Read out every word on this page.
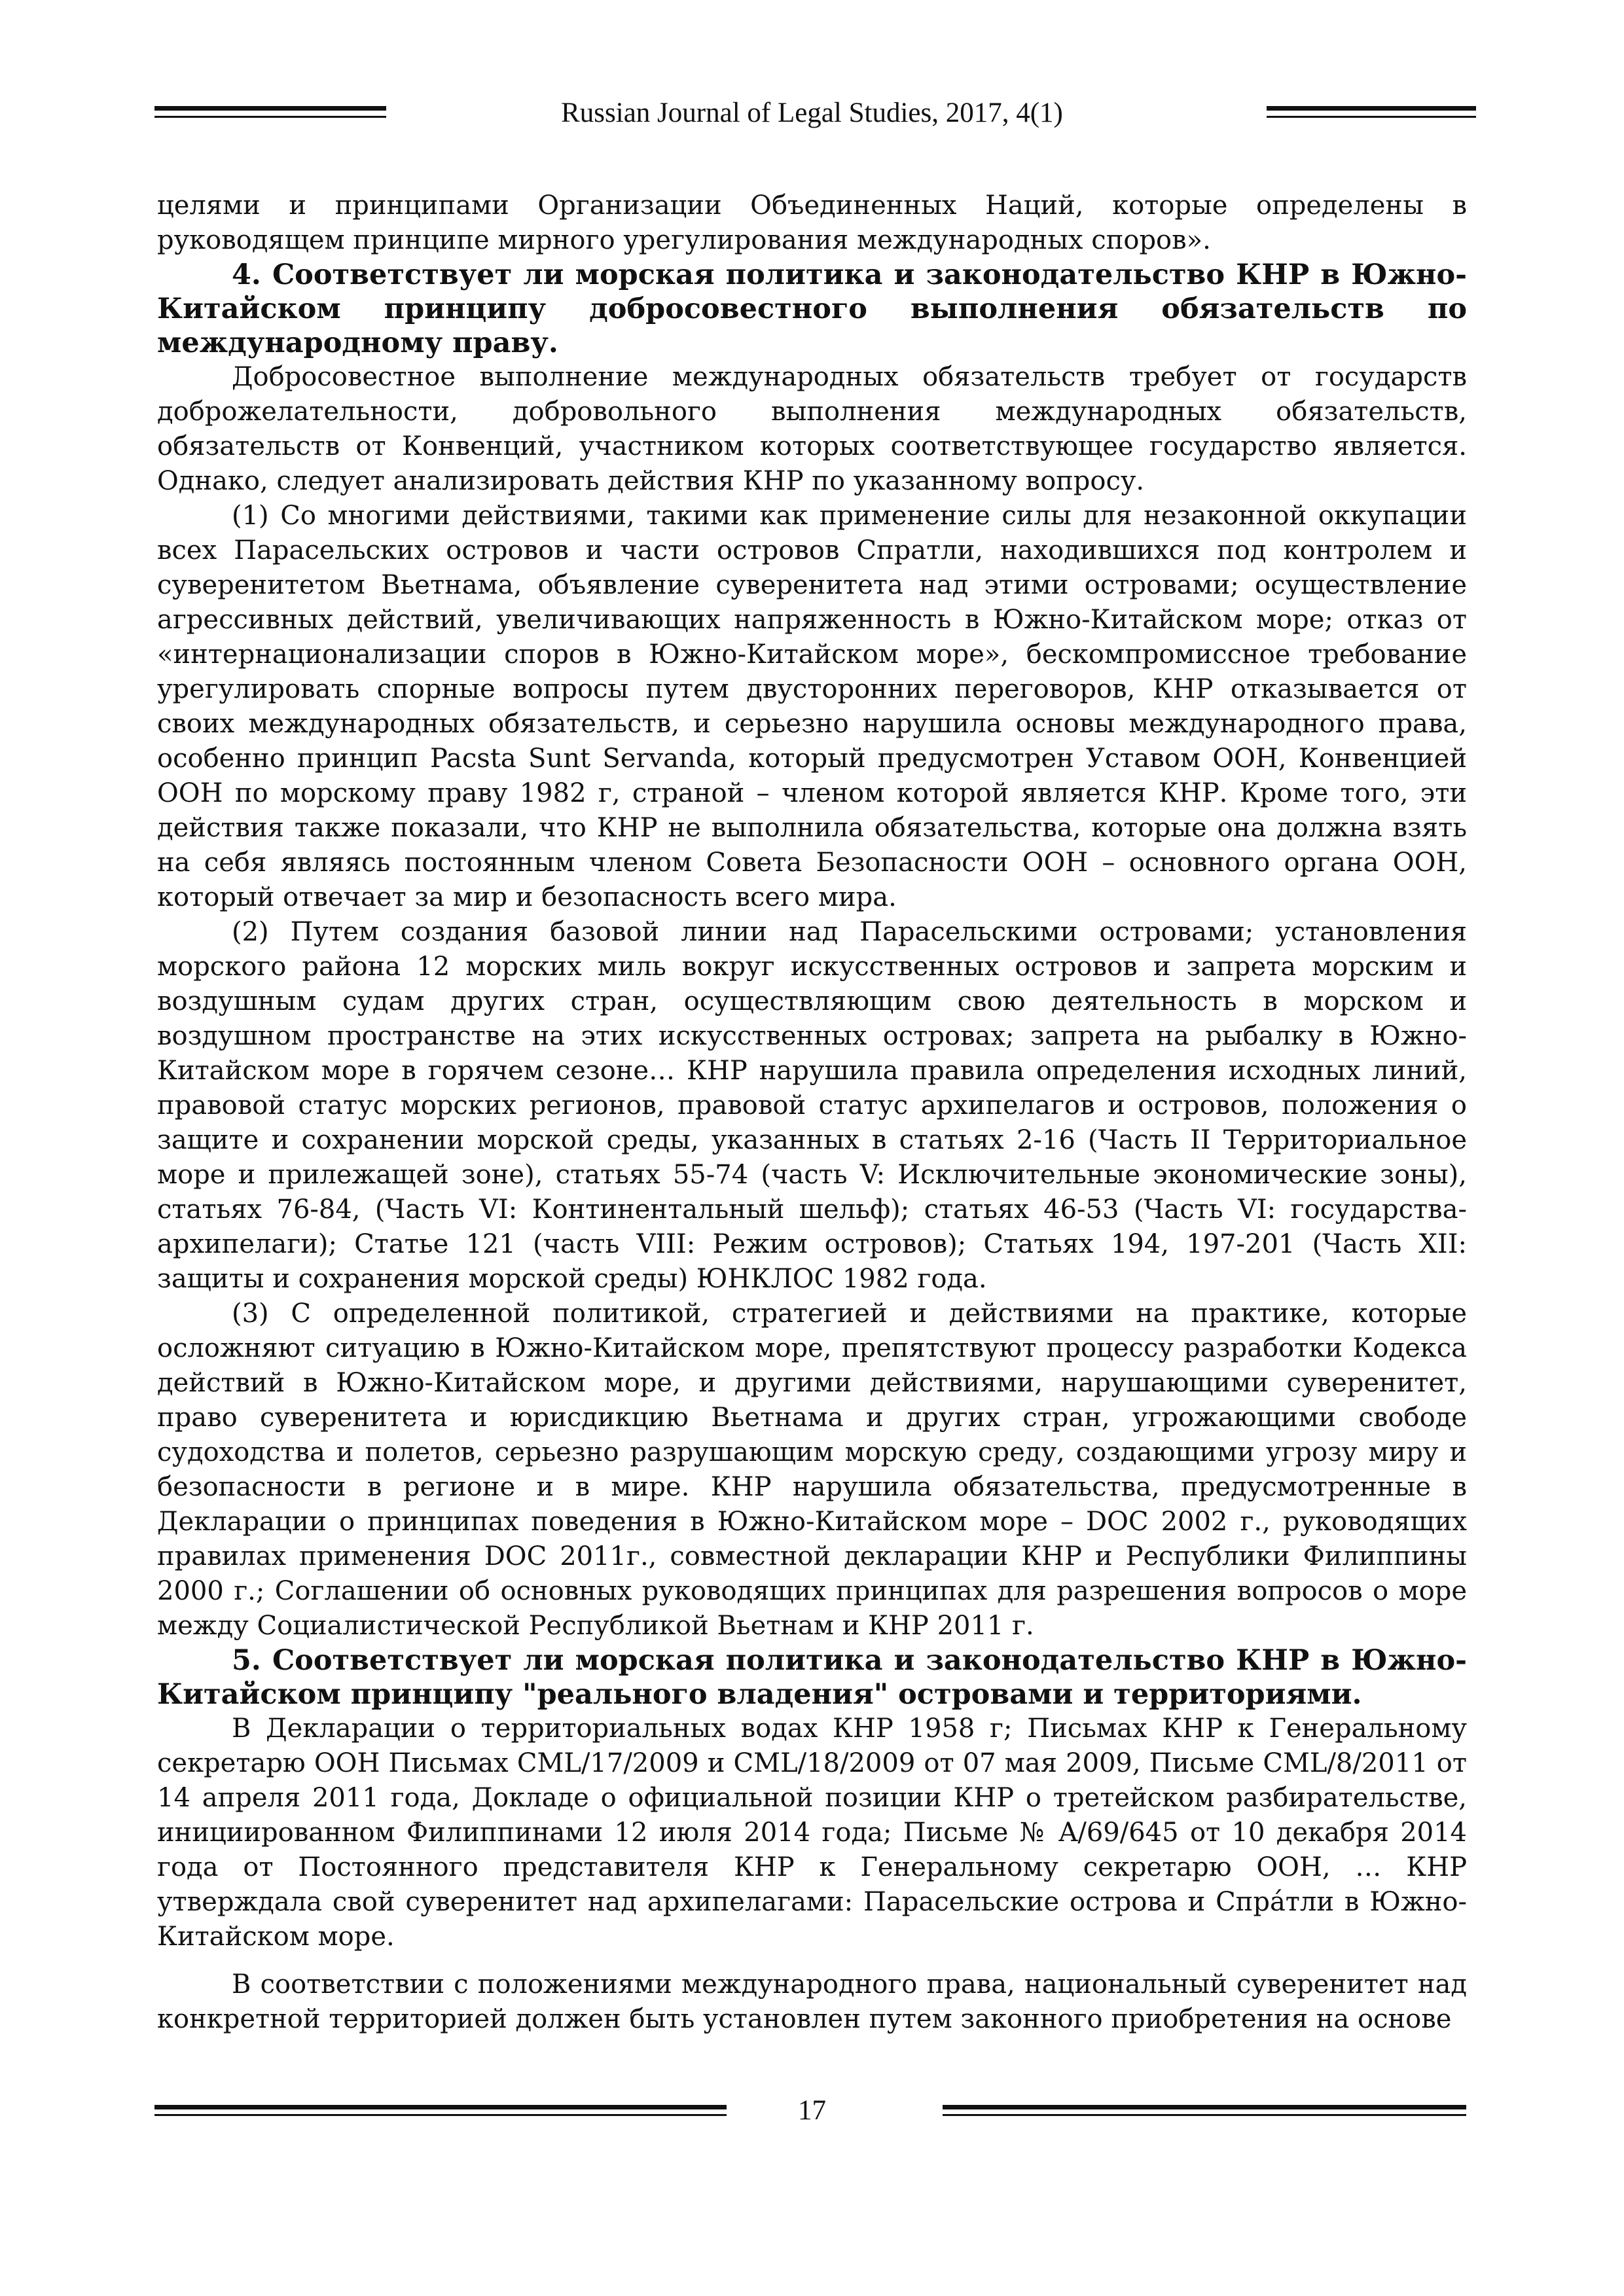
Russian Journal of Legal Studies, 2017, 4(1)

целями и принципами Организации Объединенных Наций, которые определены в руководящем принципе мирного урегулирования международных споров».

4. Соответствует ли морская политика и законодательство КНР в Южно-Китайском принципу добросовестного выполнения обязательств по международному праву.

Добросовестное выполнение международных обязательств требует от государств доброжелательности, добровольного выполнения международных обязательств, обязательств от Конвенций, участником которых соответствующее государство является. Однако, следует анализировать действия КНР по указанному вопросу.

(1) Со многими действиями, такими как применение силы для незаконной оккупации всех Парасельских островов и части островов Спратли, находившихся под контролем и суверенитетом Вьетнама, объявление суверенитета над этими островами; осуществление агрессивных действий, увеличивающих напряженность в Южно-Китайском море; отказ от «интернационализации споров в Южно-Китайском море», бескомпромиссное требование урегулировать спорные вопросы путем двусторонних переговоров, КНР отказывается от своих международных обязательств, и серьезно нарушила основы международного права, особенно принцип Pacsta Sunt Servanda, который предусмотрен Уставом ООН, Конвенцией ООН по морскому праву 1982 г, страной – членом которой является КНР. Кроме того, эти действия также показали, что КНР не выполнила обязательства, которые она должна взять на себя являясь постоянным членом Совета Безопасности ООН – основного органа ООН, который отвечает за мир и безопасность всего мира.

(2) Путем создания базовой линии над Парасельскими островами; установления морского района 12 морских миль вокруг искусственных островов и запрета морским и воздушным судам других стран, осуществляющим свою деятельность в морском и воздушном пространстве на этих искусственных островах; запрета на рыбалку в Южно-Китайском море в горячем сезоне… КНР нарушила правила определения исходных линий, правовой статус морских регионов, правовой статус архипелагов и островов, положения о защите и сохранении морской среды, указанных в статьях 2-16 (Часть II Территориальное море и прилежащей зоне), статьях 55-74 (часть V: Исключительные экономические зоны), статьях 76-84, (Часть VI: Континентальный шельф); статьях 46-53 (Часть VI: государства-архипелаги); Статье 121 (часть VIII: Режим островов); Статьях 194, 197-201 (Часть XII: защиты и сохранения морской среды) ЮНКЛОС 1982 года.

(3) С определенной политикой, стратегией и действиями на практике, которые осложняют ситуацию в Южно-Китайском море, препятствуют процессу разработки Кодекса действий в Южно-Китайском море, и другими действиями, нарушающими суверенитет, право суверенитета и юрисдикцию Вьетнама и других стран, угрожающими свободе судоходства и полетов, серьезно разрушающим морскую среду, создающими угрозу миру и безопасности в регионе и в мире. КНР нарушила обязательства, предусмотренные в Декларации о принципах поведения в Южно-Китайском море – DOC 2002 г., руководящих правилах применения DOC 2011г., совместной декларации КНР и Республики Филиппины 2000 г.; Соглашении об основных руководящих принципах для разрешения вопросов о море между Социалистической Республикой Вьетнам и КНР 2011 г.

5. Соответствует ли морская политика и законодательство КНР в Южно-Китайском принципу "реального владения" островами и территориями.

В Декларации о территориальных водах КНР 1958 г; Письмах КНР к Генеральному секретарю ООН Письмах CML/17/2009 и CML/18/2009 от 07 мая 2009, Письме CML/8/2011 от 14 апреля 2011 года, Докладе о официальной позиции КНР о третейском разбирательстве, инициированном Филиппинами 12 июля 2014 года; Письме № A/69/645 от 10 декабря 2014 года от Постоянного представителя КНР к Генеральному секретарю ООН, … КНР утверждала свой суверенитет над архипелагами: Парасельские острова и Спра́тли в Южно-Китайском море.

В соответствии с положениями международного права, национальный суверенитет над конкретной территорией должен быть установлен путем законного приобретения на основе

17
